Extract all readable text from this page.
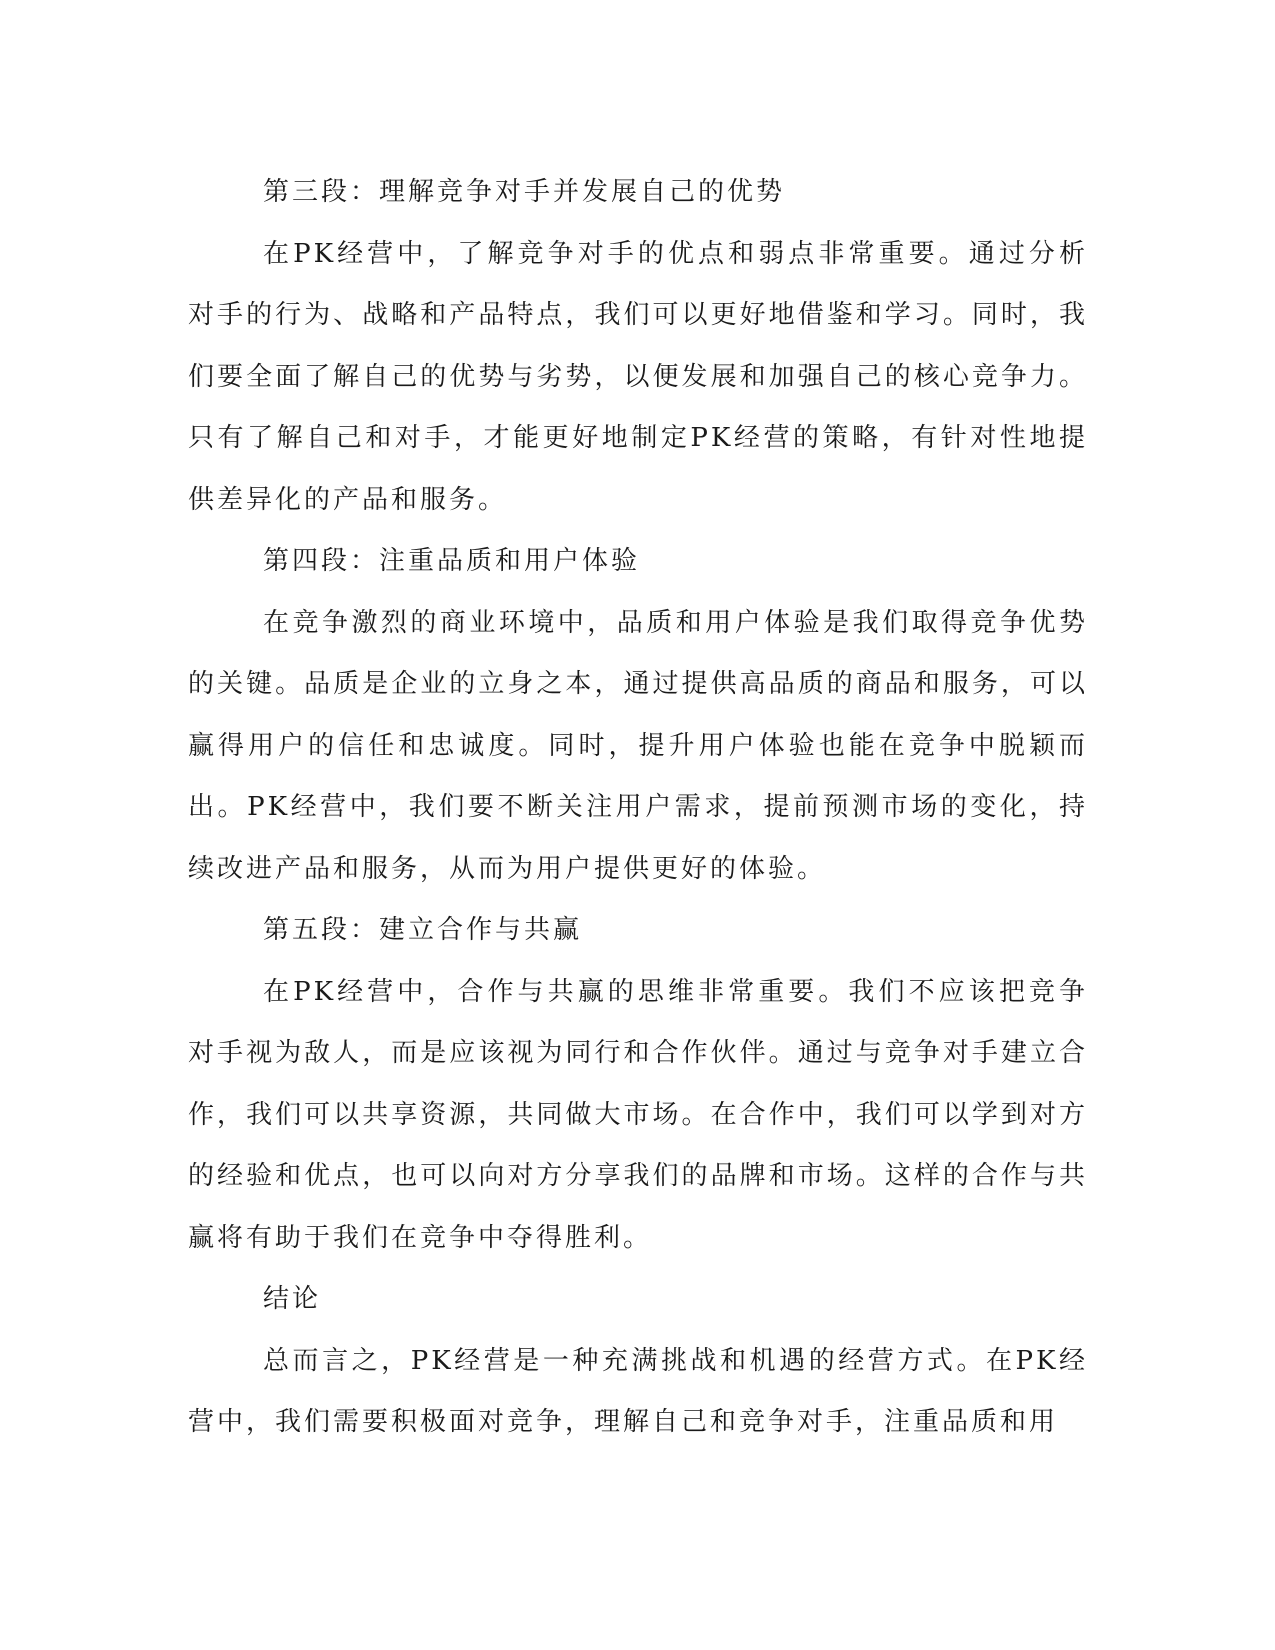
第三段：理解竞争对手并发展自己的优势

在PK经营中，了解竞争对手的优点和弱点非常重要。通过分析对手的行为、战略和产品特点，我们可以更好地借鉴和学习。同时，我们要全面了解自己的优势与劣势，以便发展和加强自己的核心竞争力。只有了解自己和对手，才能更好地制定PK经营的策略，有针对性地提供差异化的产品和服务。

第四段：注重品质和用户体验

在竞争激烈的商业环境中，品质和用户体验是我们取得竞争优势的关键。品质是企业的立身之本，通过提供高品质的商品和服务，可以赢得用户的信任和忠诚度。同时，提升用户体验也能在竞争中脱颖而出。PK经营中，我们要不断关注用户需求，提前预测市场的变化，持续改进产品和服务，从而为用户提供更好的体验。

第五段：建立合作与共赢

在PK经营中，合作与共赢的思维非常重要。我们不应该把竞争对手视为敌人，而是应该视为同行和合作伙伴。通过与竞争对手建立合作，我们可以共享资源，共同做大市场。在合作中，我们可以学到对方的经验和优点，也可以向对方分享我们的品牌和市场。这样的合作与共赢将有助于我们在竞争中夺得胜利。

结论

总而言之，PK经营是一种充满挑战和机遇的经营方式。在PK经营中，我们需要积极面对竞争，理解自己和竞争对手，注重品质和用
